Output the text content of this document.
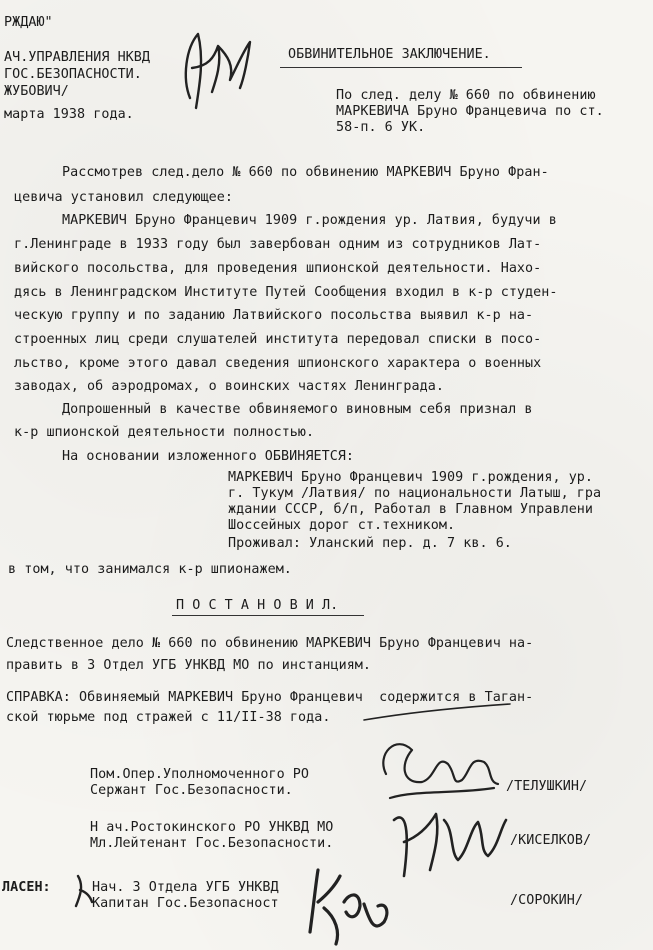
РЖДАЮ"
АЧ.УПРАВЛЕНИЯ НКВД
ГОС.БЕЗОПАСНОСТИ.
ЖУБОВИЧ/
марта 1938 года.
ОБВИНИТЕЛЬНОЕ ЗАКЛЮЧЕНИЕ.
По след. делу № 660 по обвинению
МАРКЕВИЧА Бруно Францевича по ст.
58-п. 6 УК.
Рассмотрев след.дело № 660 по обвинению МАРКЕВИЧ Бруно Фран-
цевича установил следующее:
МАРКЕВИЧ Бруно Францевич 1909 г.рождения ур. Латвия, будучи в
г.Ленинграде в 1933 году был завербован одним из сотрудников Лат-
вийского посольства, для проведения шпионской деятельности. Нахо-
дясь в Ленинградском Институте Путей Сообщения входил в к-р студен-
ческую группу и по заданию Латвийского посольства выявил к-р на-
строенных лиц среди слушателей института передовал списки в посо-
льство, кроме этого давал сведения шпионского характера о военных
заводах, об аэродромах, о воинских частях Ленинграда.
Допрошенный в качестве обвиняемого виновным себя признал в
к-р шпионской деятельности полностью.
На основании изложенного ОБВИНЯЕТСЯ:
МАРКЕВИЧ Бруно Францевич 1909 г.рождения, ур.
г. Тукум /Латвия/ по национальности Латыш, гра
ждании СССР, б/п, Работал в Главном Управлени
Шоссейных дорог ст.техником.
Проживал: Уланский пер. д. 7 кв. 6.
в том, что занимался к-р шпионажем.
П О С Т А Н О В И Л.
Следственное дело № 660 по обвинению МАРКЕВИЧ Бруно Францевич на-
править в 3 Отдел УГБ УНКВД МО по инстанциям.
СПРАВКА: Обвиняемый МАРКЕВИЧ Бруно Францевич  содержится в Таган-
ской тюрьме под стражей с 11/II-38 года.
Пом.Опер.Уполномоченного РО
Сержант Гос.Безопасности.	/ТЕЛУШКИН/
Н ач.Ростокинского РО УНКВД МО
Мл.Лейтенант Гос.Безопасности.	/КИСЕЛКОВ/
ЛАСЕН:	Нач. 3 Отдела УГБ УНКВД
Капитан Гос.Безопасност	/СОРОКИН/
